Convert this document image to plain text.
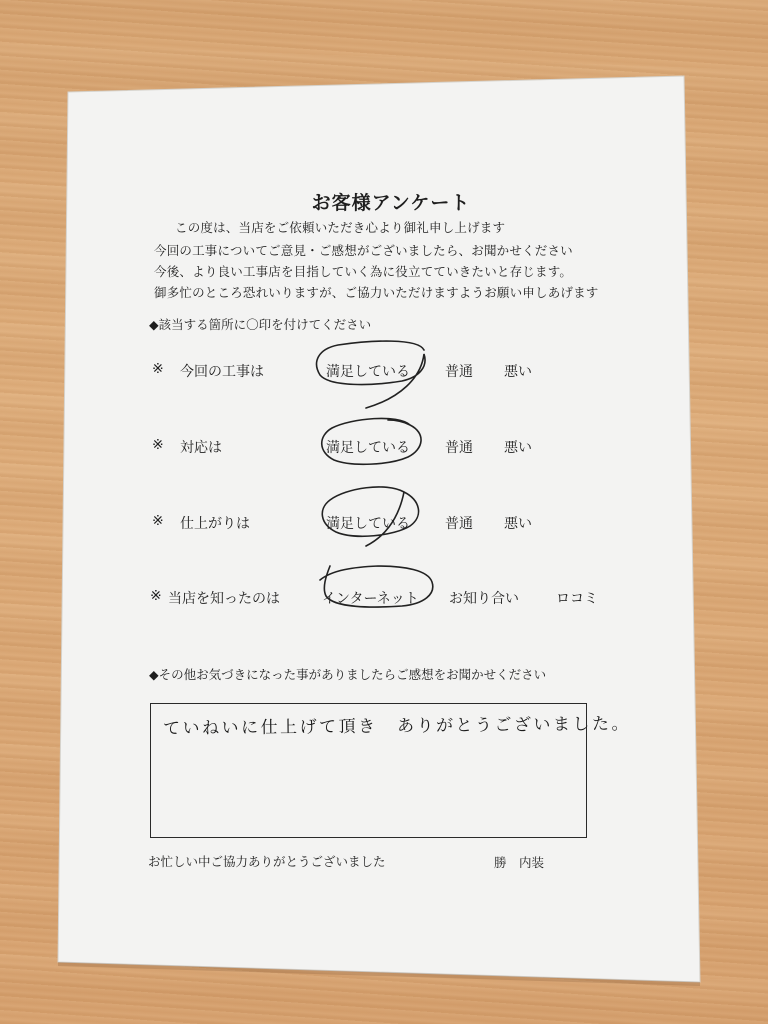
お客様アンケート
この度は、当店をご依頼いただき心より御礼申し上げます
今回の工事についてご意見・ご感想がございましたら、お聞かせください
今後、より良い工事店を目指していく為に役立てていきたいと存じます。
御多忙のところ恐れいりますが、ご協力いただけますようお願い申しあげます
◆該当する箇所に〇印を付けてください
※ 今回の工事は	満足している	普通 悪い
※ 対応は	満足している	普通 悪い
※ 仕上がりは	満足している	普通 悪い
※ 当店を知ったのは	インターネット お知り合い	ロコミ
◆その他お気づきになった事がありましたらご感想をお聞かせください
ていねいに仕上げて頂き　ありがとうございました。
お忙しい中ご協力ありがとうございました	勝　内装
